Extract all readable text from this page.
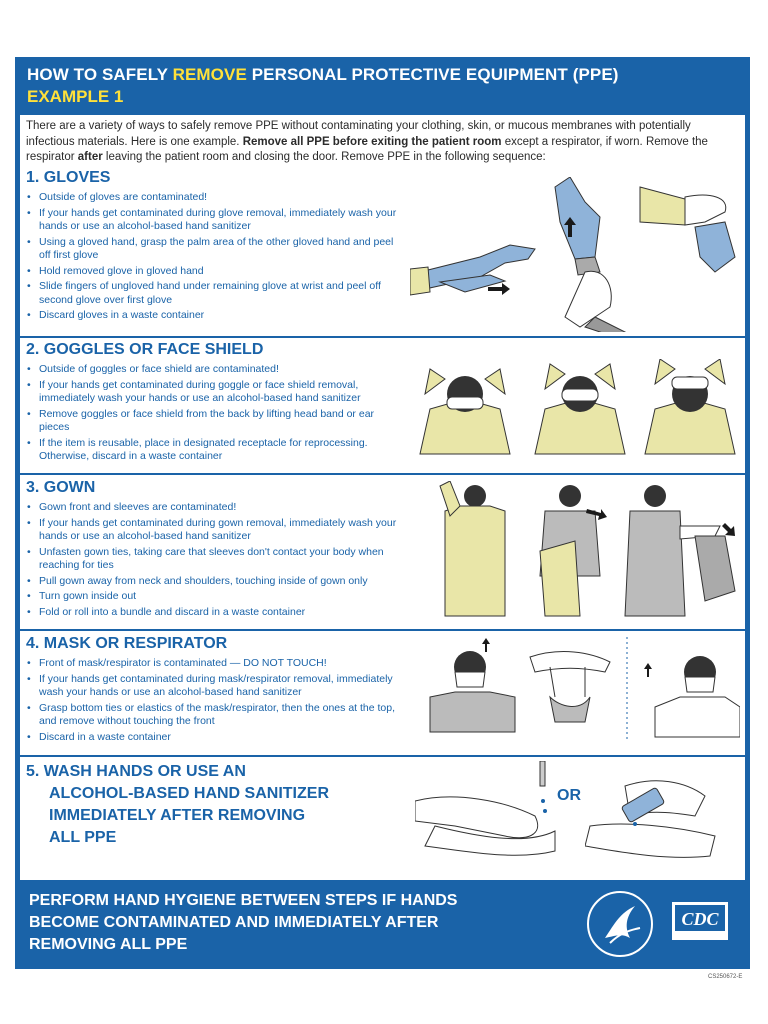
HOW TO SAFELY REMOVE PERSONAL PROTECTIVE EQUIPMENT (PPE)
EXAMPLE 1
There are a variety of ways to safely remove PPE without contaminating your clothing, skin, or mucous membranes with potentially infectious materials. Here is one example. Remove all PPE before exiting the patient room except a respirator, if worn. Remove the respirator after leaving the patient room and closing the door. Remove PPE in the following sequence:
1. GLOVES
• Outside of gloves are contaminated!
• If your hands get contaminated during glove removal, immediately wash your hands or use an alcohol-based hand sanitizer
• Using a gloved hand, grasp the palm area of the other gloved hand and peel off first glove
• Hold removed glove in gloved hand
• Slide fingers of ungloved hand under remaining glove at wrist and peel off second glove over first glove
• Discard gloves in a waste container
2. GOGGLES OR FACE SHIELD
• Outside of goggles or face shield are contaminated!
• If your hands get contaminated during goggle or face shield removal, immediately wash your hands or use an alcohol-based hand sanitizer
• Remove goggles or face shield from the back by lifting head band or ear pieces
• If the item is reusable, place in designated receptacle for reprocessing. Otherwise, discard in a waste container
3. GOWN
• Gown front and sleeves are contaminated!
• If your hands get contaminated during gown removal, immediately wash your hands or use an alcohol-based hand sanitizer
• Unfasten gown ties, taking care that sleeves don't contact your body when reaching for ties
• Pull gown away from neck and shoulders, touching inside of gown only
• Turn gown inside out
• Fold or roll into a bundle and discard in a waste container
4. MASK OR RESPIRATOR
• Front of mask/respirator is contaminated — DO NOT TOUCH!
• If your hands get contaminated during mask/respirator removal, immediately wash your hands or use an alcohol-based hand sanitizer
• Grasp bottom ties or elastics of the mask/respirator, then the ones at the top, and remove without touching the front
• Discard in a waste container
5. WASH HANDS OR USE AN
ALCOHOL-BASED HAND SANITIZER
IMMEDIATELY AFTER REMOVING
ALL PPE
OR
PERFORM HAND HYGIENE BETWEEN STEPS IF HANDS
BECOME CONTAMINATED AND IMMEDIATELY AFTER
REMOVING ALL PPE
CDC
CS250672-E
